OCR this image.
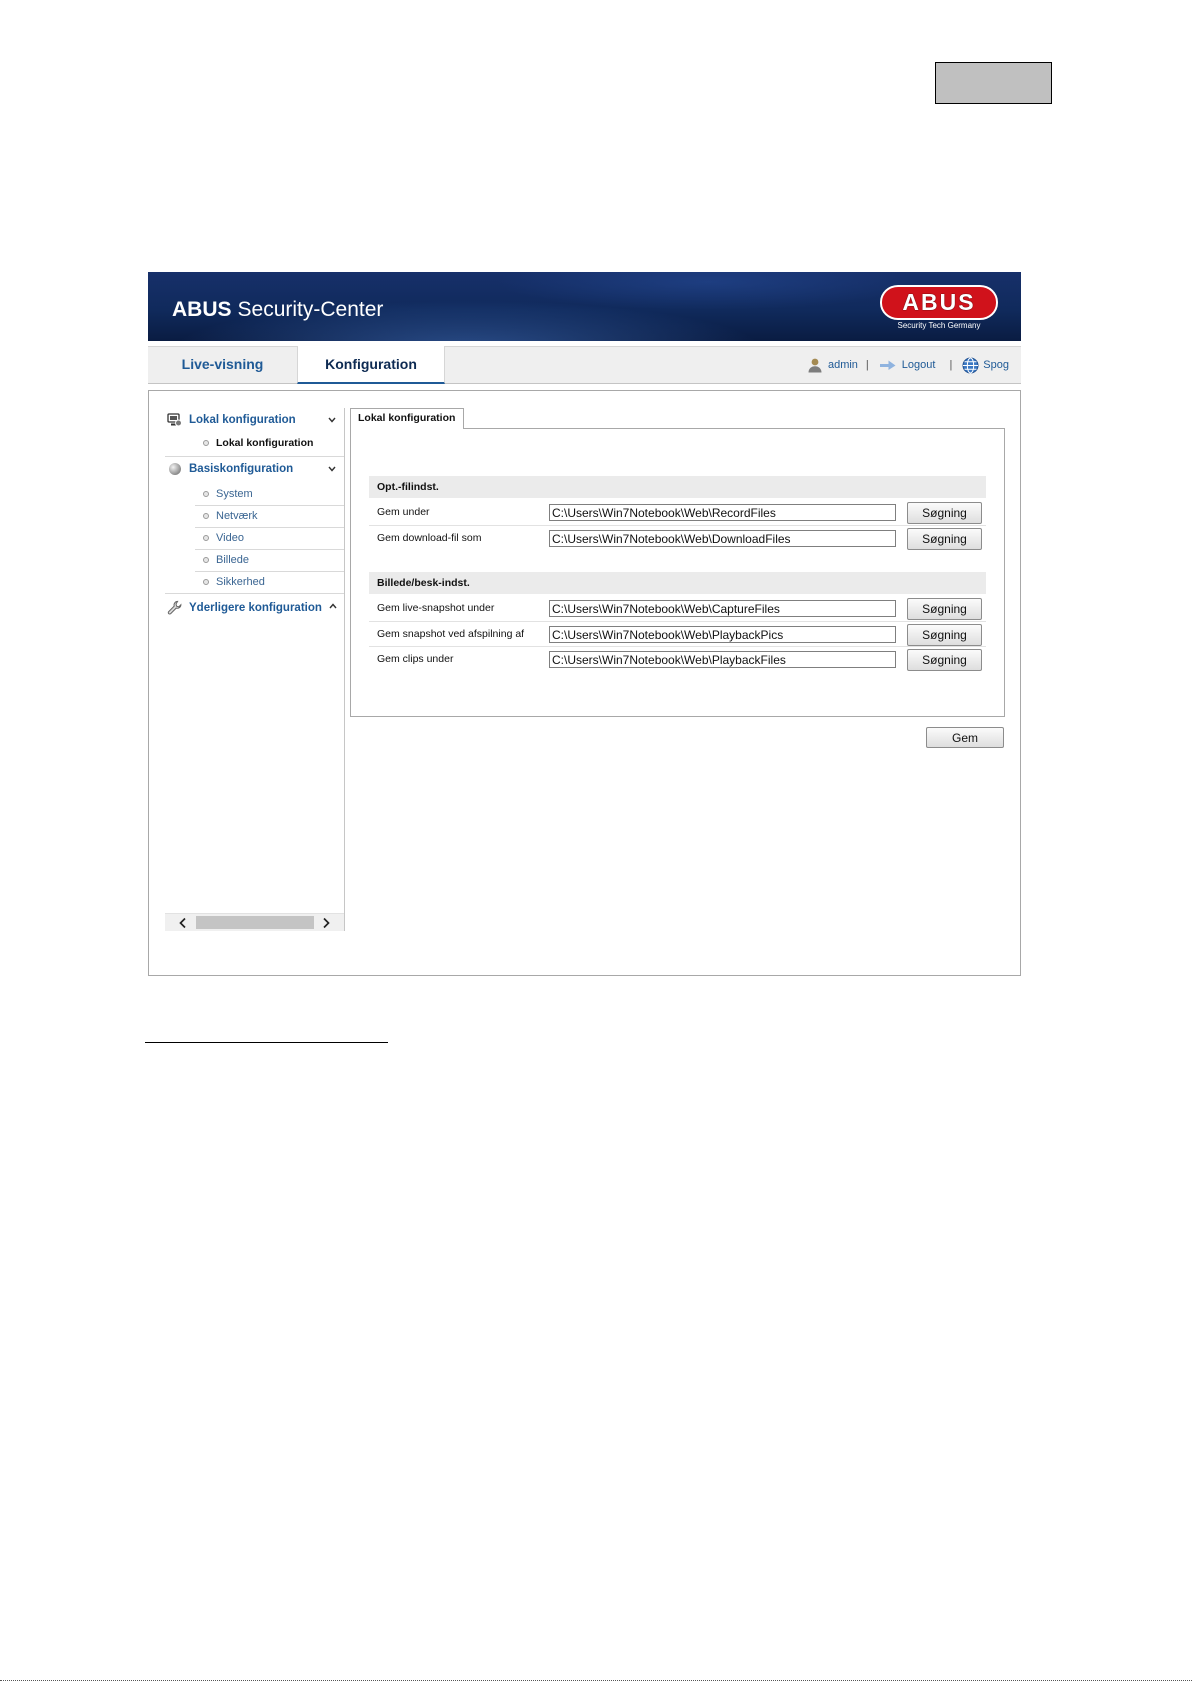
ABUS Security-Center	ABUS
Security Tech Germany
Live-visning	Konfiguration	admin |	Logout |	Spog
Lokal konfiguration
Lokal konfiguration
Basiskonfiguration
System
Netværk
Video
Billede
Sikkerhed
Yderligere konfiguration
Lokal konfiguration
Opt.-filindst.
Gem under
C:\Users\Win7Notebook\Web\RecordFiles	Søgning
Gem download-fil som
C:\Users\Win7Notebook\Web\DownloadFiles	Søgning
Billede/besk-indst.
Gem live-snapshot under
C:\Users\Win7Notebook\Web\CaptureFiles	Søgning
Gem snapshot ved afspilning af
C:\Users\Win7Notebook\Web\PlaybackPics	Søgning
Gem clips under
C:\Users\Win7Notebook\Web\PlaybackFiles	Søgning
Gem
